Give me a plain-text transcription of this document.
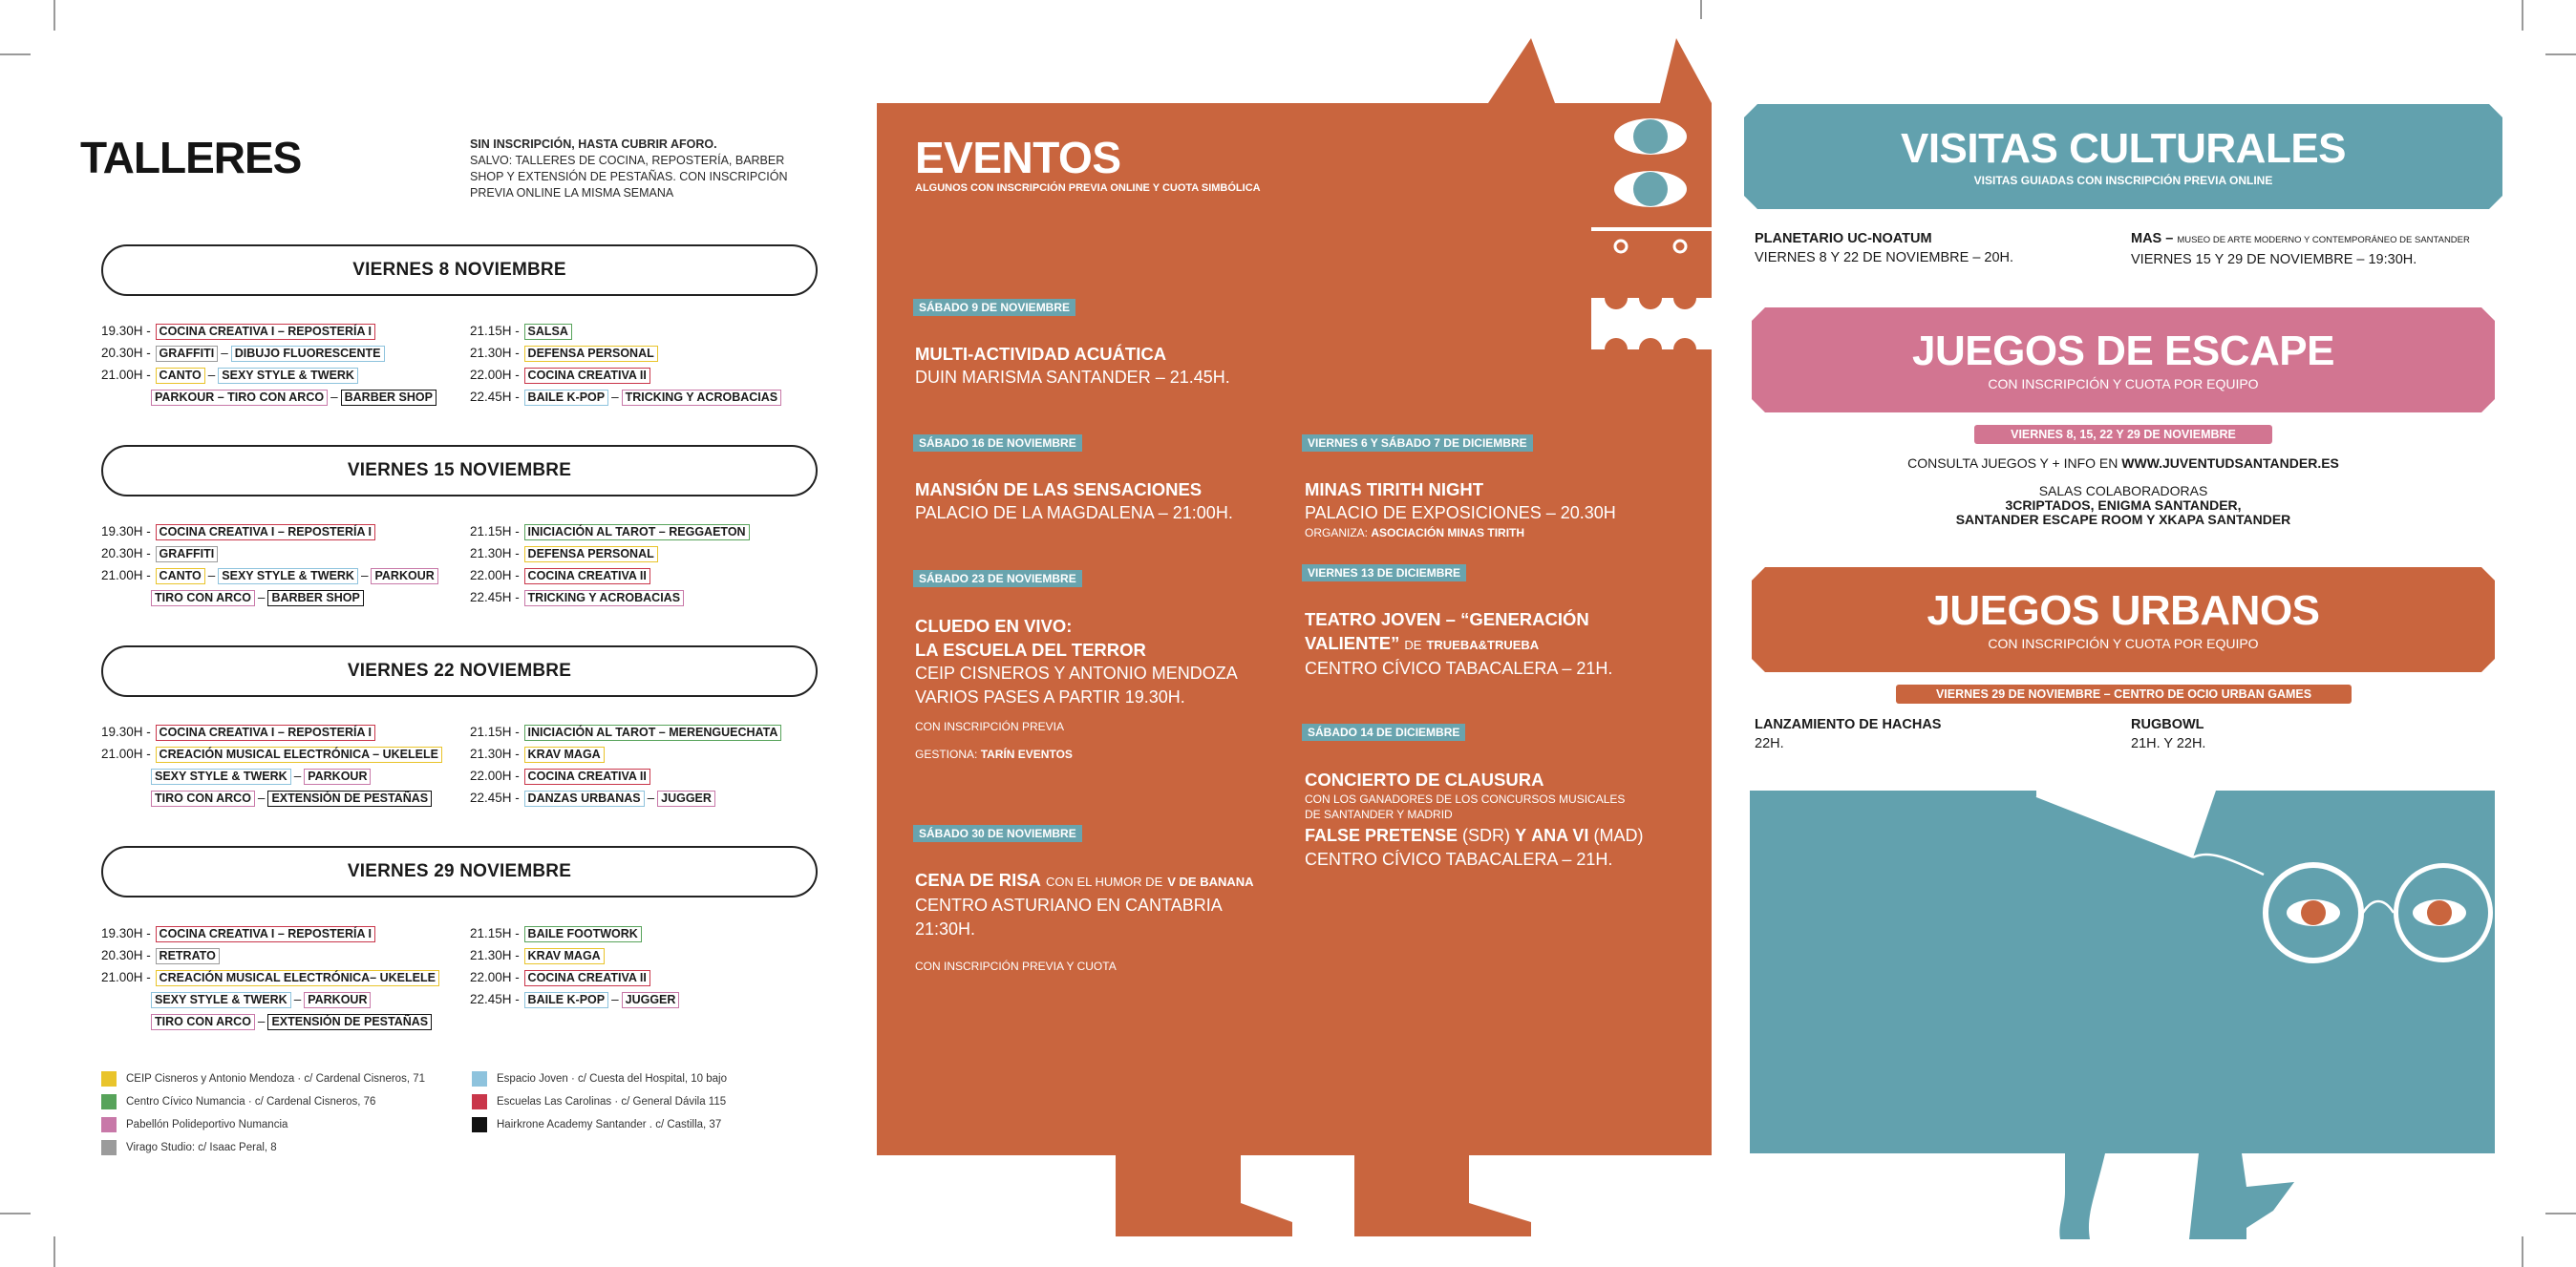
TALLERES	SIN INSCRIPCIÓN, HASTA CUBRIR AFORO.
SALVO: TALLERES DE COCINA, REPOSTERÍA, BARBER SHOP Y EXTENSIÓN DE PESTAÑAS. CON INSCRIPCIÓN PREVIA ONLINE LA MISMA SEMANA
VIERNES 8 NOVIEMBRE
19.30H - COCINA CREATIVA I – REPOSTERÍA I
20.30H - GRAFFITI – DIBUJO FLUORESCENTE
21.00H - CANTO – SEXY STYLE & TWERK
PARKOUR – TIRO CON ARCO – BARBER SHOP
21.15H - SALSA
21.30H - DEFENSA PERSONAL
22.00H - COCINA CREATIVA II
22.45H - BAILE K-POP – TRICKING Y ACROBACIAS
VIERNES 15 NOVIEMBRE
19.30H - COCINA CREATIVA I – REPOSTERÍA I
20.30H - GRAFFITI
21.00H - CANTO – SEXY STYLE & TWERK – PARKOUR
TIRO CON ARCO – BARBER SHOP
21.15H - INICIACIÓN AL TAROT – REGGAETON
21.30H - DEFENSA PERSONAL
22.00H - COCINA CREATIVA II
22.45H - TRICKING Y ACROBACIAS
VIERNES 22 NOVIEMBRE
19.30H - COCINA CREATIVA I – REPOSTERÍA I
21.00H - CREACIÓN MUSICAL ELECTRÓNICA – UKELELE
SEXY STYLE & TWERK – PARKOUR
TIRO CON ARCO – EXTENSIÓN DE PESTAÑAS
21.15H - INICIACIÓN AL TAROT – MERENGUECHATA
21.30H - KRAV MAGA
22.00H - COCINA CREATIVA II
22.45H - DANZAS URBANAS – JUGGER
VIERNES 29 NOVIEMBRE
19.30H - COCINA CREATIVA I – REPOSTERÍA I
20.30H - RETRATO
21.00H - CREACIÓN MUSICAL ELECTRÓNICA– UKELELE
SEXY STYLE & TWERK – PARKOUR
TIRO CON ARCO – EXTENSIÓN DE PESTAÑAS
21.15H - BAILE FOOTWORK
21.30H - KRAV MAGA
22.00H - COCINA CREATIVA II
22.45H - BAILE K-POP – JUGGER
CEIP Cisneros y Antonio Mendoza · c/ Cardenal Cisneros, 71
Centro Cívico Numancia · c/ Cardenal Cisneros, 76
Pabellón Polideportivo Numancia
Virago Studio: c/ Isaac Peral, 8
Espacio Joven · c/ Cuesta del Hospital, 10 bajo
Escuelas Las Carolinas · c/ General Dávila 115
Hairkrone Academy Santander . c/ Castilla, 37
EVENTOS
ALGUNOS CON INSCRIPCIÓN PREVIA ONLINE Y CUOTA SIMBÓLICA
SÁBADO 9 DE NOVIEMBRE
MULTI-ACTIVIDAD ACUÁTICA
DUIN MARISMA SANTANDER – 21.45H.
SÁBADO 16 DE NOVIEMBRE
MANSIÓN DE LAS SENSACIONES
PALACIO DE LA MAGDALENA – 21:00H.
SÁBADO 23 DE NOVIEMBRE
CLUEDO EN VIVO:
LA ESCUELA DEL TERROR
CEIP CISNEROS Y ANTONIO MENDOZA
VARIOS PASES A PARTIR 19.30H.
CON INSCRIPCIÓN PREVIA
GESTIONA: TARÍN EVENTOS
SÁBADO 30 DE NOVIEMBRE
CENA DE RISA CON EL HUMOR DE V DE BANANA
CENTRO ASTURIANO EN CANTABRIA
21:30H.
CON INSCRIPCIÓN PREVIA Y CUOTA
VIERNES 6 Y SÁBADO 7 DE DICIEMBRE
MINAS TIRITH NIGHT
PALACIO DE EXPOSICIONES – 20.30H
ORGANIZA: ASOCIACIÓN MINAS TIRITH
VIERNES 13 DE DICIEMBRE
TEATRO JOVEN – “GENERACIÓN
VALIENTE” DE TRUEBA&TRUEBA
CENTRO CÍVICO TABACALERA – 21H.
SÁBADO 14 DE DICIEMBRE
CONCIERTO DE CLAUSURA
CON LOS GANADORES DE LOS CONCURSOS MUSICALES
DE SANTANDER Y MADRID
FALSE PRETENSE (SDR) Y ANA VI (MAD)
CENTRO CÍVICO TABACALERA – 21H.
VISITAS CULTURALES
VISITAS GUIADAS CON INSCRIPCIÓN PREVIA ONLINE
PLANETARIO UC-NOATUM
VIERNES 8 Y 22 DE NOVIEMBRE – 20H.
MAS – MUSEO DE ARTE MODERNO Y CONTEMPORÁNEO DE SANTANDER
VIERNES 15 Y 29 DE NOVIEMBRE – 19:30H.
JUEGOS DE ESCAPE
CON INSCRIPCIÓN Y CUOTA POR EQUIPO
VIERNES 8, 15, 22 Y 29 DE NOVIEMBRE
CONSULTA JUEGOS Y + INFO EN WWW.JUVENTUDSANTANDER.ES
SALAS COLABORADORAS
3CRIPTADOS, ENIGMA SANTANDER,
SANTANDER ESCAPE ROOM Y XKAPA SANTANDER
JUEGOS URBANOS
CON INSCRIPCIÓN Y CUOTA POR EQUIPO
VIERNES 29 DE NOVIEMBRE – CENTRO DE OCIO URBAN GAMES
LANZAMIENTO DE HACHAS
22H.
RUGBOWL
21H. Y 22H.
